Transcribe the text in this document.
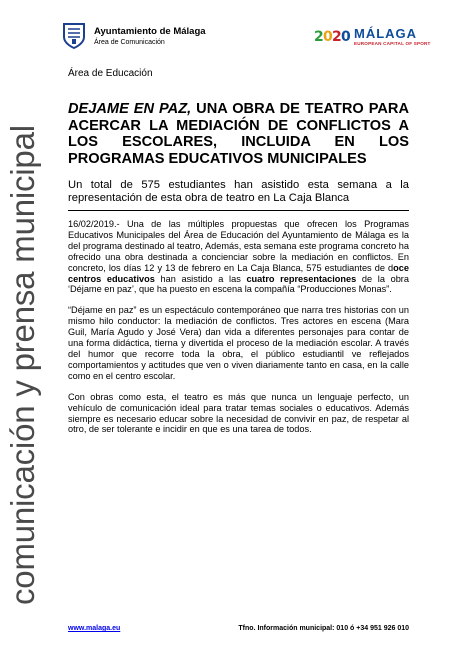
Ayuntamiento de Málaga
Área de Comunicación	2 0 2 0 MÁLAGA
EUROPEAN CAPITAL OF SPORT
comunicación y prensa municipal

Área de Educación

DEJAME EN PAZ, UNA OBRA DE TEATRO PARA ACERCAR LA MEDIACIÓN DE CONFLICTOS A LOS ESCOLARES, INCLUIDA EN LOS PROGRAMAS EDUCATIVOS MUNICIPALES

Un total de 575 estudiantes han asistido esta semana a la representación de esta obra de teatro en La Caja Blanca

16/02/2019.- Una de las múltiples propuestas que ofrecen los Programas Educativos Municipales del Área de Educación del Ayuntamiento de Málaga es la del programa destinado al teatro, Además, esta semana este programa concreto ha ofrecido una obra destinada a concienciar sobre la mediación en conflictos. En concreto, los días 12 y 13 de febrero en La Caja Blanca, 575 estudiantes de doce centros educativos han asistido a las cuatro representaciones de la obra ‘Déjame en paz’, que ha puesto en escena la compañía “Producciones Monas”.

“Déjame en paz” es un espectáculo contemporáneo que narra tres historias con un mismo hilo conductor: la mediación de conflictos. Tres actores en escena (Mara Guil, María Agudo y José Vera) dan vida a diferentes personajes para contar de una forma didáctica, tierna y divertida el proceso de la mediación escolar. A través del humor que recorre toda la obra, el público estudiantil ve reflejados comportamientos y actitudes que ven o viven diariamente tanto en casa, en la calle como en el centro escolar.

Con obras como esta, el teatro es más que nunca un lenguaje perfecto, un vehículo de comunicación ideal para tratar temas sociales o educativos. Además siempre es necesario educar sobre la necesidad de convivir en paz, de respetar al otro, de ser tolerante e incidir en que es una tarea de todos.

www.malaga.eu	Tfno. Información municipal: 010 ó +34 951 926 010
